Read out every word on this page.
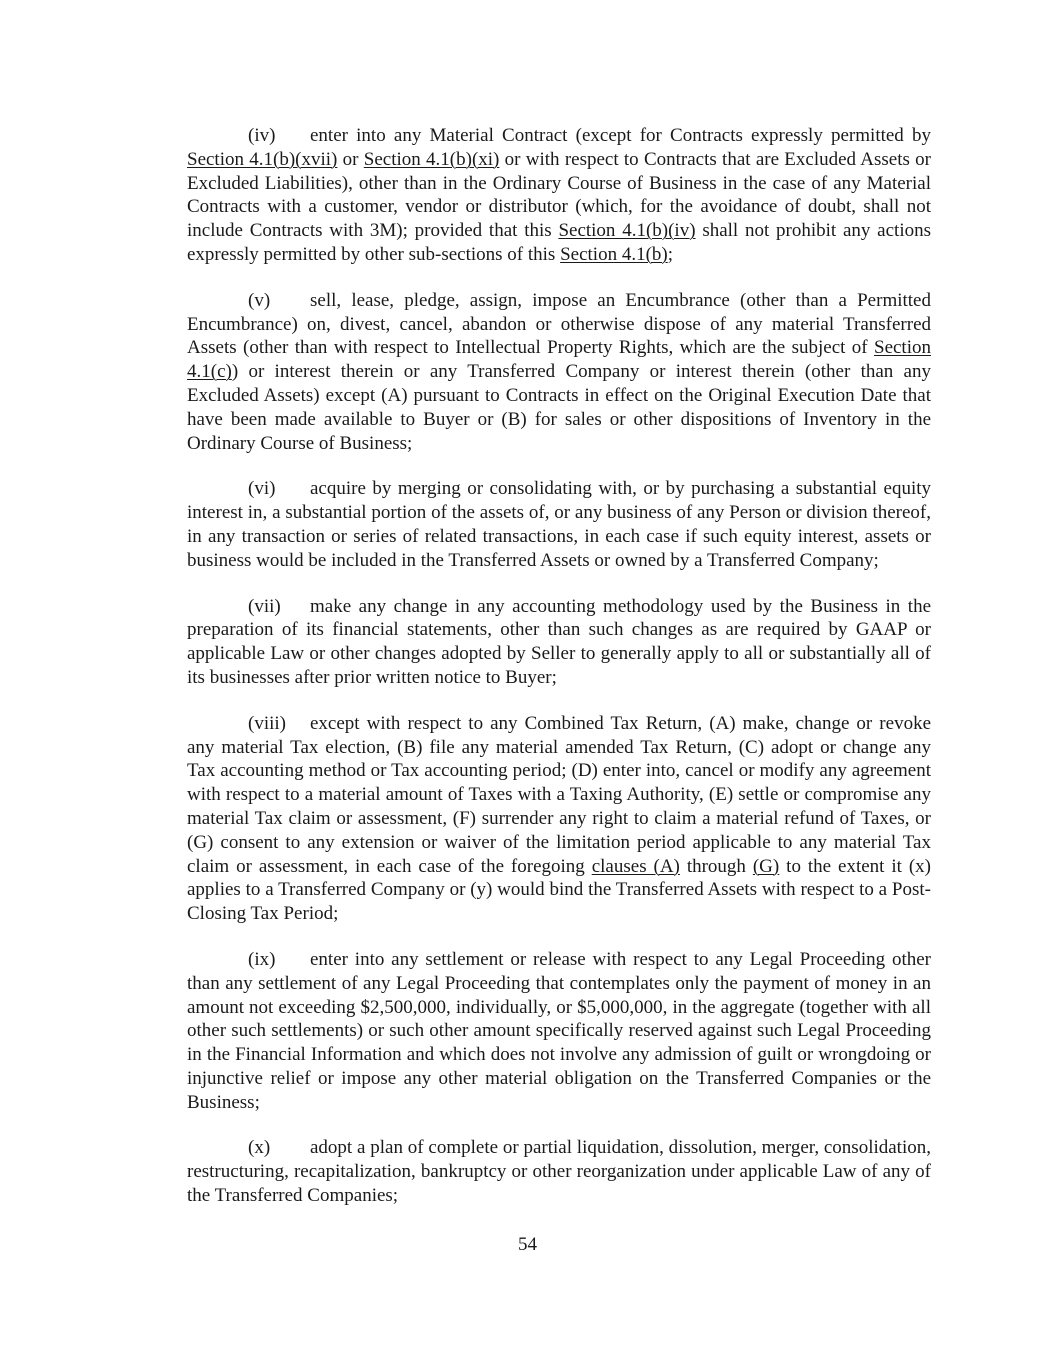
(iv) enter into any Material Contract (except for Contracts expressly permitted by Section 4.1(b)(xvii) or Section 4.1(b)(xi) or with respect to Contracts that are Excluded Assets or Excluded Liabilities), other than in the Ordinary Course of Business in the case of any Material Contracts with a customer, vendor or distributor (which, for the avoidance of doubt, shall not include Contracts with 3M); provided that this Section 4.1(b)(iv) shall not prohibit any actions expressly permitted by other sub-sections of this Section 4.1(b);

(v) sell, lease, pledge, assign, impose an Encumbrance (other than a Permitted Encumbrance) on, divest, cancel, abandon or otherwise dispose of any material Transferred Assets (other than with respect to Intellectual Property Rights, which are the subject of Section 4.1(c)) or interest therein or any Transferred Company or interest therein (other than any Excluded Assets) except (A) pursuant to Contracts in effect on the Original Execution Date that have been made available to Buyer or (B) for sales or other dispositions of Inventory in the Ordinary Course of Business;

(vi) acquire by merging or consolidating with, or by purchasing a substantial equity interest in, a substantial portion of the assets of, or any business of any Person or division thereof, in any transaction or series of related transactions, in each case if such equity interest, assets or business would be included in the Transferred Assets or owned by a Transferred Company;

(vii) make any change in any accounting methodology used by the Business in the preparation of its financial statements, other than such changes as are required by GAAP or applicable Law or other changes adopted by Seller to generally apply to all or substantially all of its businesses after prior written notice to Buyer;

(viii) except with respect to any Combined Tax Return, (A) make, change or revoke any material Tax election, (B) file any material amended Tax Return, (C) adopt or change any Tax accounting method or Tax accounting period; (D) enter into, cancel or modify any agreement with respect to a material amount of Taxes with a Taxing Authority, (E) settle or compromise any material Tax claim or assessment, (F) surrender any right to claim a material refund of Taxes, or (G) consent to any extension or waiver of the limitation period applicable to any material Tax claim or assessment, in each case of the foregoing clauses (A) through (G) to the extent it (x) applies to a Transferred Company or (y) would bind the Transferred Assets with respect to a Post-Closing Tax Period;

(ix) enter into any settlement or release with respect to any Legal Proceeding other than any settlement of any Legal Proceeding that contemplates only the payment of money in an amount not exceeding $2,500,000, individually, or $5,000,000, in the aggregate (together with all other such settlements) or such other amount specifically reserved against such Legal Proceeding in the Financial Information and which does not involve any admission of guilt or wrongdoing or injunctive relief or impose any other material obligation on the Transferred Companies or the Business;

(x) adopt a plan of complete or partial liquidation, dissolution, merger, consolidation, restructuring, recapitalization, bankruptcy or other reorganization under applicable Law of any of the Transferred Companies;

54
